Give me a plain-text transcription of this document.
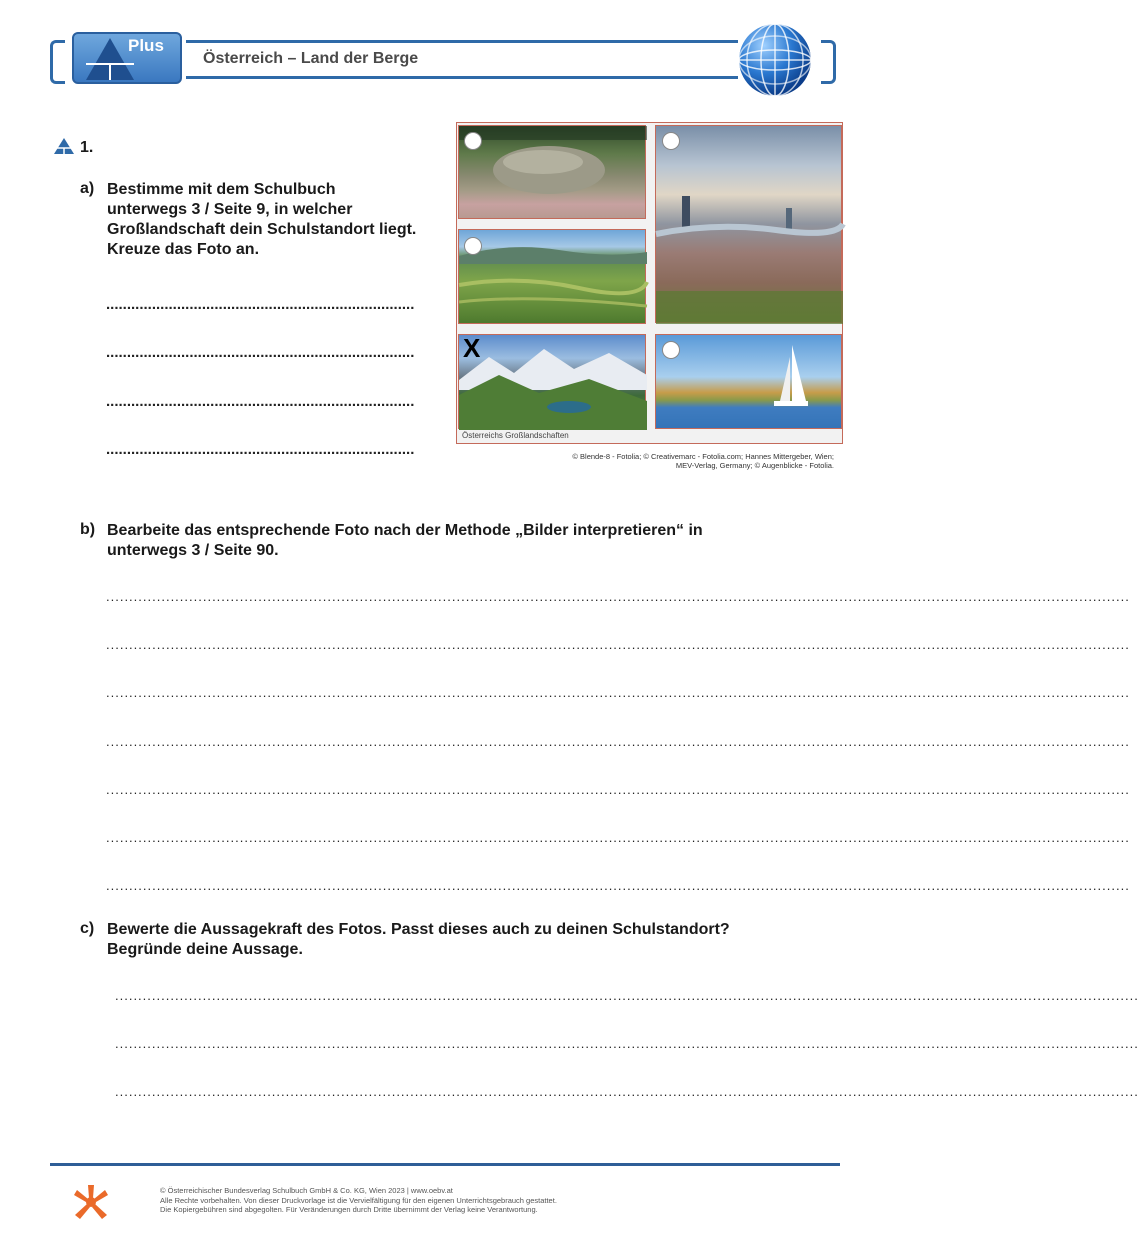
Plus
Österreich – Land der Berge
1.
a) Bestimme mit dem Schulbuch
unterwegs 3 / Seite 9, in welcher
Großlandschaft dein Schulstandort liegt.
Kreuze das Foto an.
..........................................................................
..........................................................................
..........................................................................
..........................................................................
X
Österreichs Großlandschaften
© Blende-8 - Fotolia; © Creativemarc - Fotolia.com; Hannes Mittergeber, Wien;
MEV-Verlag, Germany; © Augenblicke - Fotolia.
b) Bearbeite das entsprechende Foto nach der Methode „Bilder interpretieren“ in
unterwegs 3 / Seite 90.
..............................................................................................................................................................................................................................
..............................................................................................................................................................................................................................
..............................................................................................................................................................................................................................
..............................................................................................................................................................................................................................
..............................................................................................................................................................................................................................
..............................................................................................................................................................................................................................
..............................................................................................................................................................................................................................
c) Bewerte die Aussagekraft des Fotos. Passt dieses auch zu deinen Schulstandort?
Begründe deine Aussage.
..............................................................................................................................................................................................................................
..............................................................................................................................................................................................................................
..............................................................................................................................................................................................................................
© Österreichischer Bundesverlag Schulbuch GmbH & Co. KG, Wien 2023 | www.oebv.at
Alle Rechte vorbehalten. Von dieser Druckvorlage ist die Vervielfältigung für den eigenen Unterrichtsgebrauch gestattet.
Die Kopiergebühren sind abgegolten. Für Veränderungen durch Dritte übernimmt der Verlag keine Verantwortung.
